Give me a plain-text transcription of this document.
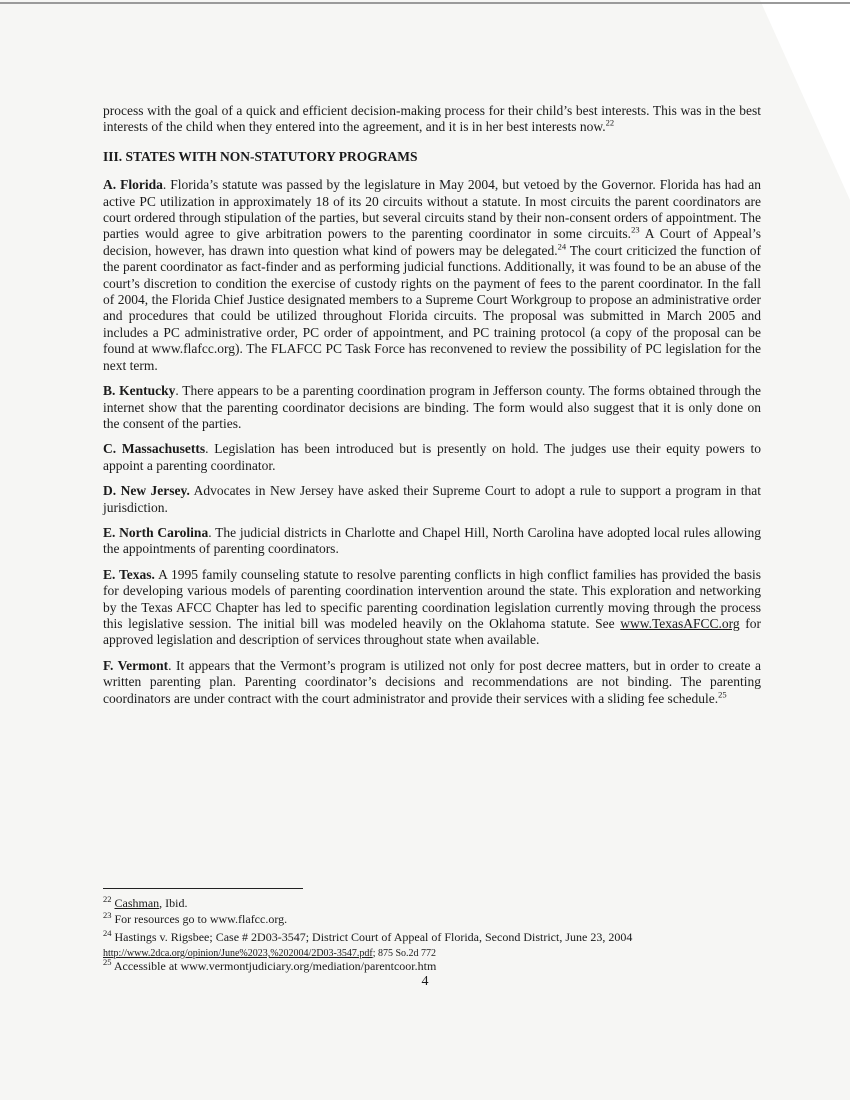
process with the goal of a quick and efficient decision-making process for their child’s best interests. This was in the best interests of the child when they entered into the agreement, and it is in her best interests now.$^{22}$

III. STATES WITH NON-STATUTORY PROGRAMS

A. Florida. Florida’s statute was passed by the legislature in May 2004, but vetoed by the Governor. Florida has had an active PC utilization in approximately 18 of its 20 circuits without a statute. In most circuits the parent coordinators are court ordered through stipulation of the parties, but several circuits stand by their non-consent orders of appointment. The parties would agree to give arbitration powers to the parenting coordinator in some circuits.$^{23}$ A Court of Appeal’s decision, however, has drawn into question what kind of powers may be delegated.$^{24}$ The court criticized the function of the parent coordinator as fact-finder and as performing judicial functions. Additionally, it was found to be an abuse of the court’s discretion to condition the exercise of custody rights on the payment of fees to the parent coordinator. In the fall of 2004, the Florida Chief Justice designated members to a Supreme Court Workgroup to propose an administrative order and procedures that could be utilized throughout Florida circuits. The proposal was submitted in March 2005 and includes a PC administrative order, PC order of appointment, and PC training protocol (a copy of the proposal can be found at www.flafcc.org). The FLAFCC PC Task Force has reconvened to review the possibility of PC legislation for the next term.

B. Kentucky. There appears to be a parenting coordination program in Jefferson county. The forms obtained through the internet show that the parenting coordinator decisions are binding. The form would also suggest that it is only done on the consent of the parties.

C. Massachusetts. Legislation has been introduced but is presently on hold. The judges use their equity powers to appoint a parenting coordinator.

D. New Jersey. Advocates in New Jersey have asked their Supreme Court to adopt a rule to support a program in that jurisdiction.

E. North Carolina. The judicial districts in Charlotte and Chapel Hill, North Carolina have adopted local rules allowing the appointments of parenting coordinators.

E. Texas. A 1995 family counseling statute to resolve parenting conflicts in high conflict families has provided the basis for developing various models of parenting coordination intervention around the state. This exploration and networking by the Texas AFCC Chapter has led to specific parenting coordination legislation currently moving through the process this legislative session. The initial bill was modeled heavily on the Oklahoma statute. See www.TexasAFCC.org for approved legislation and description of services throughout state when available.

F. Vermont. It appears that the Vermont’s program is utilized not only for post decree matters, but in order to create a written parenting plan. Parenting coordinator’s decisions and recommendations are not binding. The parenting coordinators are under contract with the court administrator and provide their services with a sliding fee schedule.$^{25}$

$^{22}$ Cashman, Ibid.
$^{23}$ For resources go to www.flafcc.org.
$^{24}$ Hastings v. Rigsbee; Case # 2D03-3547; District Court of Appeal of Florida, Second District, June 23, 2004
http://www.2dca.org/opinion/June%2023,%202004/2D03-3547.pdf; 875 So.2d 772
$^{25}$ Accessible at www.vermontjudiciary.org/mediation/parentcoor.htm
4
